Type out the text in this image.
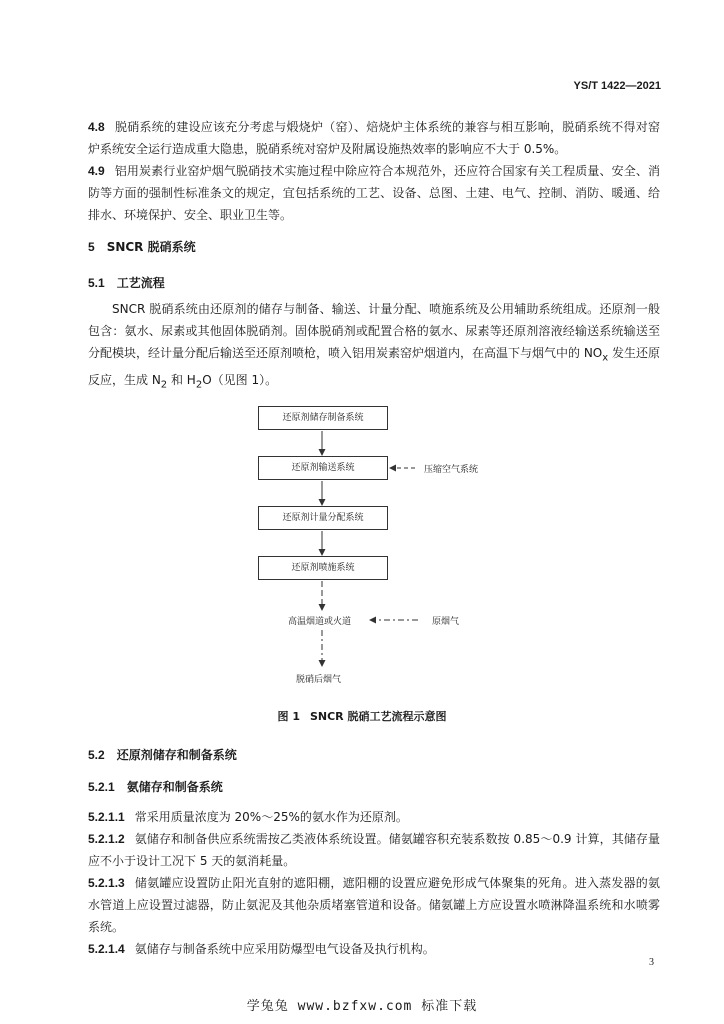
YS/T 1422—2021

4.8 脱硝系统的建设应该充分考虑与煅烧炉（窑）、焙烧炉主体系统的兼容与相互影响，脱硝系统不得对窑炉系统安全运行造成重大隐患，脱硝系统对窑炉及附属设施热效率的影响应不大于 0.5%。

4.9 铝用炭素行业窑炉烟气脱硝技术实施过程中除应符合本规范外，还应符合国家有关工程质量、安全、消防等方面的强制性标准条文的规定，宜包括系统的工艺、设备、总图、土建、电气、控制、消防、暖通、给排水、环境保护、安全、职业卫生等。

5 SNCR 脱硝系统
5.1 工艺流程

SNCR 脱硝系统由还原剂的储存与制备、输送、计量分配、喷施系统及公用辅助系统组成。还原剂一般包含：氨水、尿素或其他固体脱硝剂。固体脱硝剂或配置合格的氨水、尿素等还原剂溶液经输送系统输送至分配模块，经计量分配后输送至还原剂喷枪，喷入铝用炭素窑炉烟道内，在高温下与烟气中的 $NO_x$ 发生还原反应，生成 $N_2$ 和 $H_2O$（见图 1）。

还原剂储存制备系统
还原剂输送系统
还原剂计量分配系统
还原剂喷施系统
压缩空气系统
高温烟道或火道	原烟气
脱硝后烟气
图 1 SNCR 脱硝工艺流程示意图
5.2 还原剂储存和制备系统
5.2.1 氨储存和制备系统

5.2.1.1 常采用质量浓度为 20%～25%的氨水作为还原剂。

5.2.1.2 氨储存和制备供应系统需按乙类液体系统设置。储氨罐容积充装系数按 0.85～0.9 计算，其储存量应不小于设计工况下 5 天的氨消耗量。

5.2.1.3 储氨罐应设置防止阳光直射的遮阳棚，遮阳棚的设置应避免形成气体聚集的死角。进入蒸发器的氨水管道上应设置过滤器，防止氨泥及其他杂质堵塞管道和设备。储氨罐上方应设置水喷淋降温系统和水喷雾系统。

5.2.1.4 氨储存与制备系统中应采用防爆型电气设备及执行机构。

3
学兔兔 www.bzfxw.com 标准下载
